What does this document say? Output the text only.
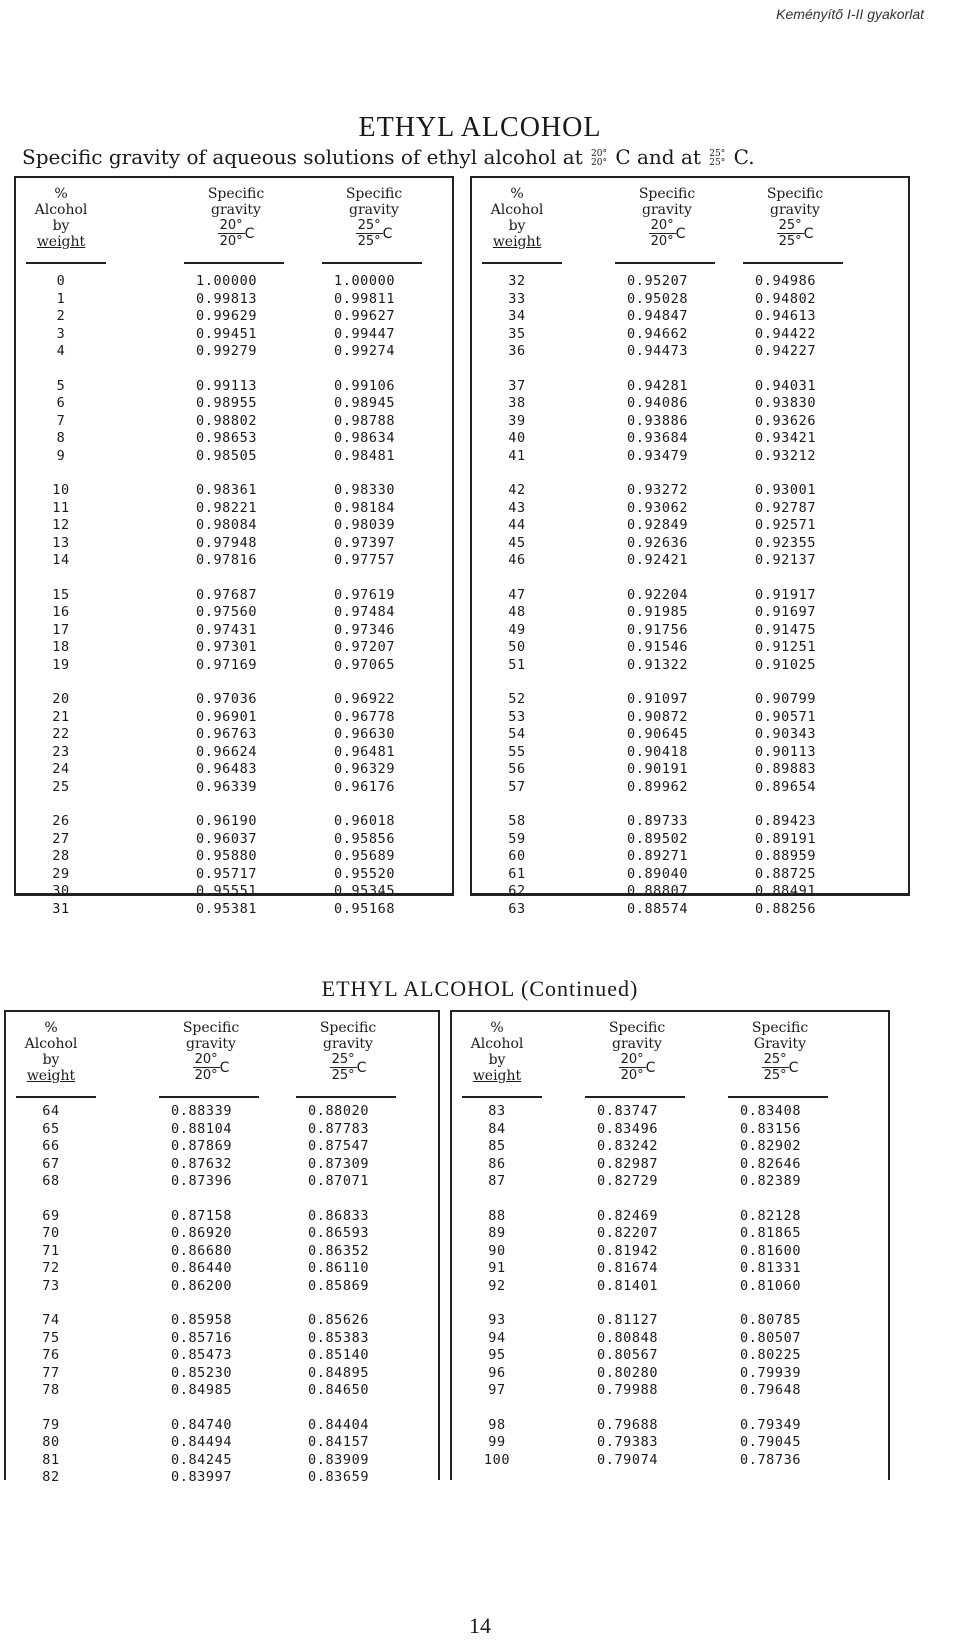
Keményítő I-II gyakorlat
ETHYL ALCOHOL
Specific gravity of aqueous solutions of ethyl alcohol at 20°
20° C and at 25°
25° C.
ETHYL ALCOHOL (Continued)
%
Alcohol
by
weight
Specific
gravity
$\frac{20^\circ}{20^\circ}$ C
Specific
gravity
$\frac{25^\circ}{25^\circ}$ C
0	1.00000	1.00000
1	0.99813	0.99811
2	0.99629	0.99627
3	0.99451	0.99447
4	0.99279	0.99274
5	0.99113	0.99106
6	0.98955	0.98945
7	0.98802	0.98788
8	0.98653	0.98634
9	0.98505	0.98481
10	0.98361	0.98330
11	0.98221	0.98184
12	0.98084	0.98039
13	0.97948	0.97397
14	0.97816	0.97757
15	0.97687	0.97619
16	0.97560	0.97484
17	0.97431	0.97346
18	0.97301	0.97207
19	0.97169	0.97065
20	0.97036	0.96922
21	0.96901	0.96778
22	0.96763	0.96630
23	0.96624	0.96481
24	0.96483	0.96329
25	0.96339	0.96176
26	0.96190	0.96018
27	0.96037	0.95856
28	0.95880	0.95689
29	0.95717	0.95520
30	0.95551	0.95345
31	0.95381	0.95168
%
Alcohol
by
weight
Specific
gravity
$\frac{20^\circ}{20^\circ}$ C
Specific
gravity
$\frac{25^\circ}{25^\circ}$ C
32	0.95207	0.94986
33	0.95028	0.94802
34	0.94847	0.94613
35	0.94662	0.94422
36	0.94473	0.94227
37	0.94281	0.94031
38	0.94086	0.93830
39	0.93886	0.93626
40	0.93684	0.93421
41	0.93479	0.93212
42	0.93272	0.93001
43	0.93062	0.92787
44	0.92849	0.92571
45	0.92636	0.92355
46	0.92421	0.92137
47	0.92204	0.91917
48	0.91985	0.91697
49	0.91756	0.91475
50	0.91546	0.91251
51	0.91322	0.91025
52	0.91097	0.90799
53	0.90872	0.90571
54	0.90645	0.90343
55	0.90418	0.90113
56	0.90191	0.89883
57	0.89962	0.89654
58	0.89733	0.89423
59	0.89502	0.89191
60	0.89271	0.88959
61	0.89040	0.88725
62	0.88807	0.88491
63	0.88574	0.88256
%
Alcohol
by
weight
Specific
gravity
$\frac{20^\circ}{20^\circ}$ C
Specific
gravity
$\frac{25^\circ}{25^\circ}$ C
64	0.88339	0.88020
65	0.88104	0.87783
66	0.87869	0.87547
67	0.87632	0.87309
68	0.87396	0.87071
69	0.87158	0.86833
70	0.86920	0.86593
71	0.86680	0.86352
72	0.86440	0.86110
73	0.86200	0.85869
74	0.85958	0.85626
75	0.85716	0.85383
76	0.85473	0.85140
77	0.85230	0.84895
78	0.84985	0.84650
79	0.84740	0.84404
80	0.84494	0.84157
81	0.84245	0.83909
82	0.83997	0.83659
%
Alcohol
by
weight
Specific
gravity
$\frac{20^\circ}{20^\circ}$ C
Specific
Gravity
$\frac{25^\circ}{25^\circ}$ C
83	0.83747	0.83408
84	0.83496	0.83156
85	0.83242	0.82902
86	0.82987	0.82646
87	0.82729	0.82389
88	0.82469	0.82128
89	0.82207	0.81865
90	0.81942	0.81600
91	0.81674	0.81331
92	0.81401	0.81060
93	0.81127	0.80785
94	0.80848	0.80507
95	0.80567	0.80225
96	0.80280	0.79939
97	0.79988	0.79648
98	0.79688	0.79349
99	0.79383	0.79045
100	0.79074	0.78736
14
